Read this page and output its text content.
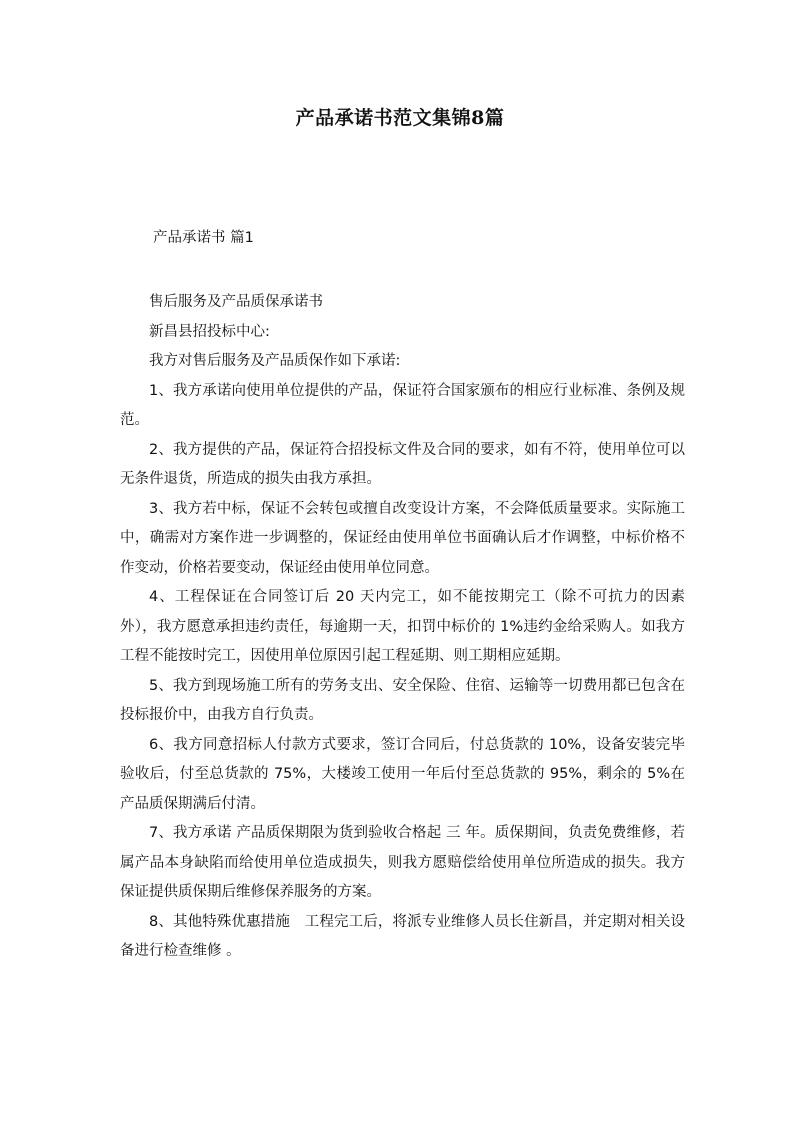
产品承诺书范文集锦8篇
产品承诺书 篇1

售后服务及产品质保承诺书

新昌县招投标中心:

我方对售后服务及产品质保作如下承诺:

1、我方承诺向使用单位提供的产品，保证符合国家颁布的相应行业标准、条例及规范。

2、我方提供的产品，保证符合招投标文件及合同的要求，如有不符，使用单位可以无条件退货，所造成的损失由我方承担。

3、我方若中标，保证不会转包或擅自改变设计方案，不会降低质量要求。实际施工中，确需对方案作进一步调整的，保证经由使用单位书面确认后才作调整，中标价格不作变动，价格若要变动，保证经由使用单位同意。

4、工程保证在合同签订后 20 天内完工，如不能按期完工（除不可抗力的因素外），我方愿意承担违约责任，每逾期一天，扣罚中标价的 1%违约金给采购人。如我方工程不能按时完工，因使用单位原因引起工程延期、则工期相应延期。

5、我方到现场施工所有的劳务支出、安全保险、住宿、运输等一切费用都已包含在投标报价中，由我方自行负责。

6、我方同意招标人付款方式要求，签订合同后，付总货款的 10%，设备安装完毕验收后，付至总货款的 75%，大楼竣工使用一年后付至总货款的 95%，剩余的 5%在产品质保期满后付清。

7、我方承诺 产品质保期限为货到验收合格起 三 年。质保期间，负责免费维修，若属产品本身缺陷而给使用单位造成损失，则我方愿赔偿给使用单位所造成的损失。我方保证提供质保期后维修保养服务的方案。

8、其他特殊优惠措施　工程完工后，将派专业维修人员长住新昌，并定期对相关设备进行检查维修 。
